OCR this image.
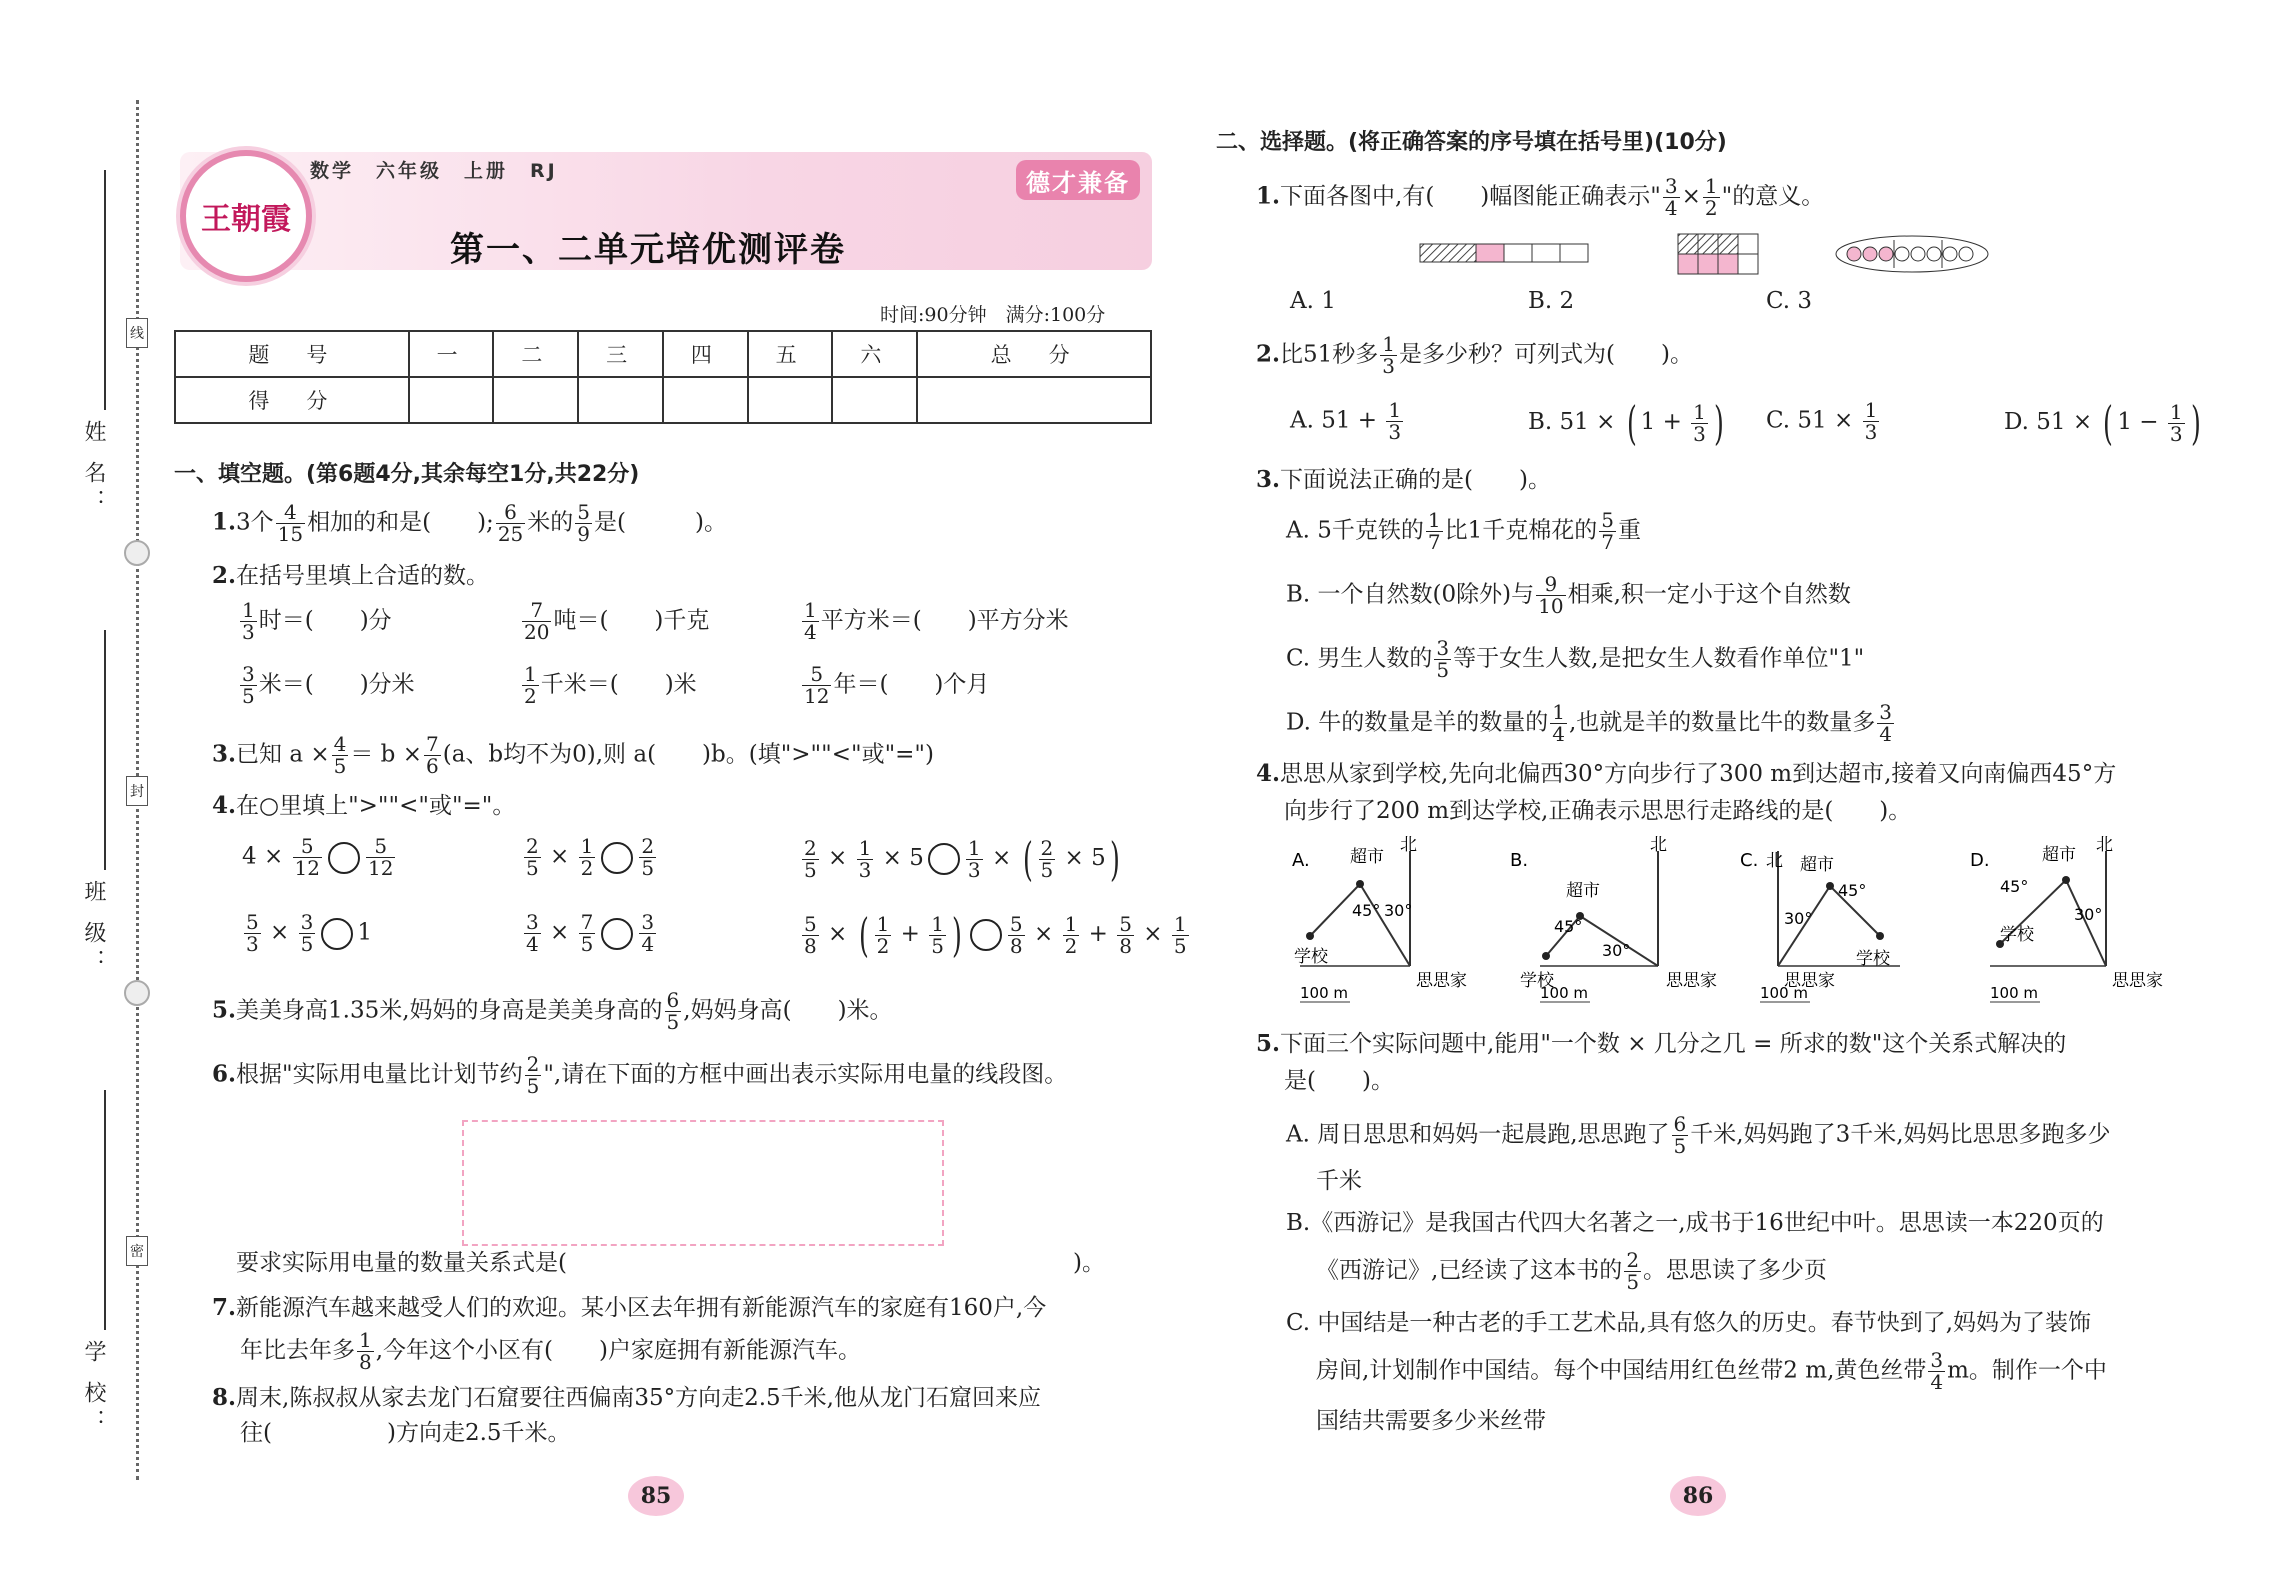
姓 名：
线
班 级：
封
学 校：
密
王朝霞
数学　六年级　上册　RJ	德才兼备
第一、二单元培优测评卷
时间:90分钟　满分:100分
题　号	一	二	三	四	五	六	总　分
得　分							
一、填空题。(第6题4分,其余每空1分,共22分)
1.3个 $\frac{4}{15}$ 相加的和是(　　); $\frac{6}{25}$ 米的 $\frac{5}{9}$ 是(　　　)。
2.在括号里填上合适的数。
$\frac{1}{3}$ 时＝(　　)分	$\frac{7}{20}$ 吨＝(　　)千克	$\frac{1}{4}$ 平方米＝(　　)平方分米
$\frac{3}{5}$ 米＝(　　)分米	$\frac{1}{2}$ 千米＝(　　)米	$\frac{5}{12}$ 年＝(　　)个月
3.已知 $a \times \frac{4}{5} = b \times \frac{7}{6} (a$、b均不为0),则 a(　　)b。(填">""<"或"=")
4.在○里填上">""<"或"="。
$4 \times \frac{5}{12} \frac{5}{12}$	$\frac{2}{5} \times \frac{1}{2} \frac{2}{5}$	$\frac{2}{5} \times \frac{1}{3} \times 5 \frac{1}{3}$ × ( $\frac{2}{5} \times 5$)
$\frac{5}{3} \times \frac{3}{5} 1$	$\frac{3}{4} \times \frac{7}{5} \frac{3}{4}$	$\frac{5}{8}$ × ( $\frac{1}{2} + \frac{1}{5}$ ) $\frac{5}{8} \times \frac{1}{2} + \frac{5}{8} \times \frac{1}{5}$
5.美美身高1.35米,妈妈的身高是美美身高的 $\frac{6}{5}$ ,妈妈身高(　　)米。
6.根据"实际用电量比计划节约 $\frac{2}{5}$ ",请在下面的方框中画出表示实际用电量的线段图。
要求实际用电量的数量关系式是(　　　　　　　　　　　　　　　　　　　　　　)。
7.新能源汽车越来越受人们的欢迎。某小区去年拥有新能源汽车的家庭有160户,今
年比去年多 $\frac{1}{8}$ ,今年这个小区有(　　)户家庭拥有新能源汽车。
8.周末,陈叔叔从家去龙门石窟要往西偏南35°方向走2.5千米,他从龙门石窟回来应
往(　　　　　)方向走2.5千米。
85
二、选择题。(将正确答案的序号填在括号里)(10分)
1.下面各图中,有(　　)幅图能正确表示" $\frac{3}{4} \times \frac{1}{2}$ "的意义。
A. 1	B. 2	C. 3
2.比51秒多 $\frac{1}{3}$ 是多少秒？可列式为(　　)。
A. $51 + \frac{1}{3}$	B. 51 × ( $1 + \frac{1}{3}$ ) C. $51 \times \frac{1}{3}$	D. 51 × ( $1 - \frac{1}{3}$ )
3.下面说法正确的是(　　)。
A. 5千克铁的 $\frac{1}{7}$ 比1千克棉花的 $\frac{5}{7}$ 重
B. 一个自然数(0除外)与 $\frac{9}{10}$ 相乘,积一定小于这个自然数
C. 男生人数的 $\frac{3}{5}$ 等于女生人数,是把女生人数看作单位"1"
D. 牛的数量是羊的数量的 $\frac{1}{4}$ ,也就是羊的数量比牛的数量多 $\frac{3}{4}$
4.思思从家到学校,先向北偏西30°方向步行了300 m到达超市,接着又向南偏西45°方
向步行了200 m到达学校,正确表示思思行走路线的是(　　)。
A.
北
超市
45° 30°
学校
思思家
100 m
B.
北
超市
45°
30°
学校	思思家
100 m
C. 北 超市
30°
45°
学校
思思家
100 m
D.
北
超市
45°
30°
学校
思思家
100 m
5.下面三个实际问题中,能用"一个数 × 几分之几 = 所求的数"这个关系式解决的
是(　　)。
A. 周日思思和妈妈一起晨跑,思思跑了 $\frac{6}{5}$ 千米,妈妈跑了3千米,妈妈比思思多跑多少
千米
B.《西游记》是我国古代四大名著之一,成书于16世纪中叶。思思读一本220页的
《西游记》,已经读了这本书的 $\frac{2}{5}$ 。思思读了多少页
C. 中国结是一种古老的手工艺术品,具有悠久的历史。春节快到了,妈妈为了装饰
房间,计划制作中国结。每个中国结用红色丝带2 m,黄色丝带 $\frac{3}{4}$ m。制作一个中
国结共需要多少米丝带
86
